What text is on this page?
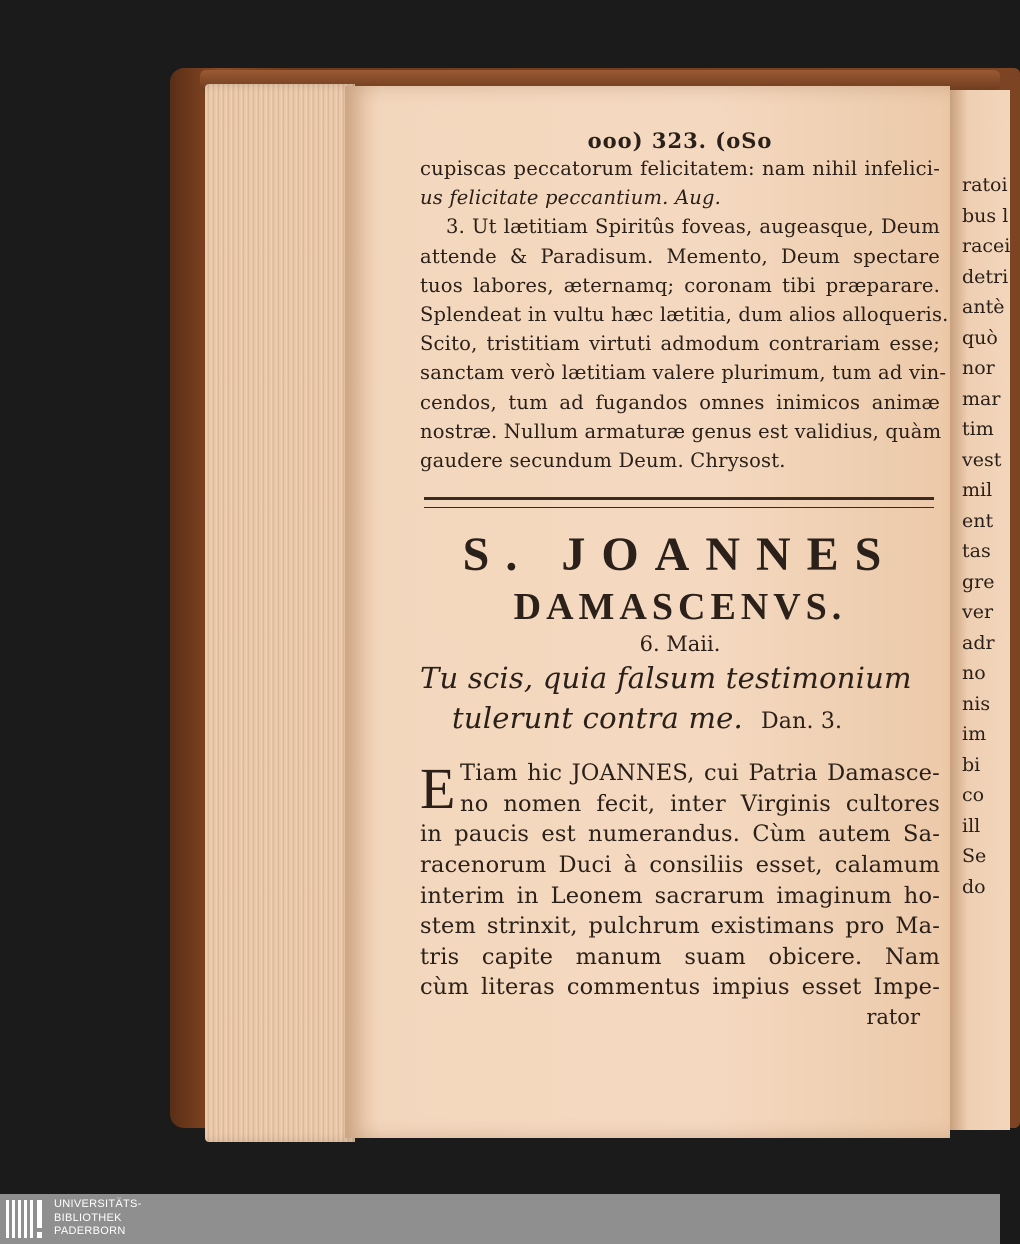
ooo) 323. (oSo
cupiscas peccatorum felicitatem: nam nihil infelici-
us felicitate peccantium. Aug.
3. Ut lætitiam Spiritûs foveas, augeasque, Deum
attende & Paradisum. Memento, Deum spectare
tuos labores, æternamq; coronam tibi præparare.
Splendeat in vultu hæc lætitia, dum alios alloqueris.
Scito, tristitiam virtuti admodum contrariam esse;
sanctam verò lætitiam valere plurimum, tum ad vin-
cendos, tum ad fugandos omnes inimicos animæ
nostræ. Nullum armaturæ genus est validius, quàm
gaudere secundum Deum. Chrysost.
S. JOANNES
DAMASCENVS.
6. Maii.
Tu scis, quia falsum testimonium
tulerunt contra me. Dan. 3.
E Tiam hic JOANNES, cui Patria Damasce-
no nomen fecit, inter Virginis cultores
in paucis est numerandus. Cùm autem Sa-
racenorum Duci à consiliis esset, calamum
interim in Leonem sacrarum imaginum ho-
stem strinxit, pulchrum existimans pro Ma-
tris capite manum suam obicere. Nam
cùm literas commentus impius esset Impe-
rator
ratoi
bus l
racei
detri
antè
quò
nor
mar
tim
vest
mil
ent
tas
gre
ver
adr
no
nis
im
bi
co
ill
Se
do
UNIVERSITÄTS-
BIBLIOTHEK
PADERBORN
